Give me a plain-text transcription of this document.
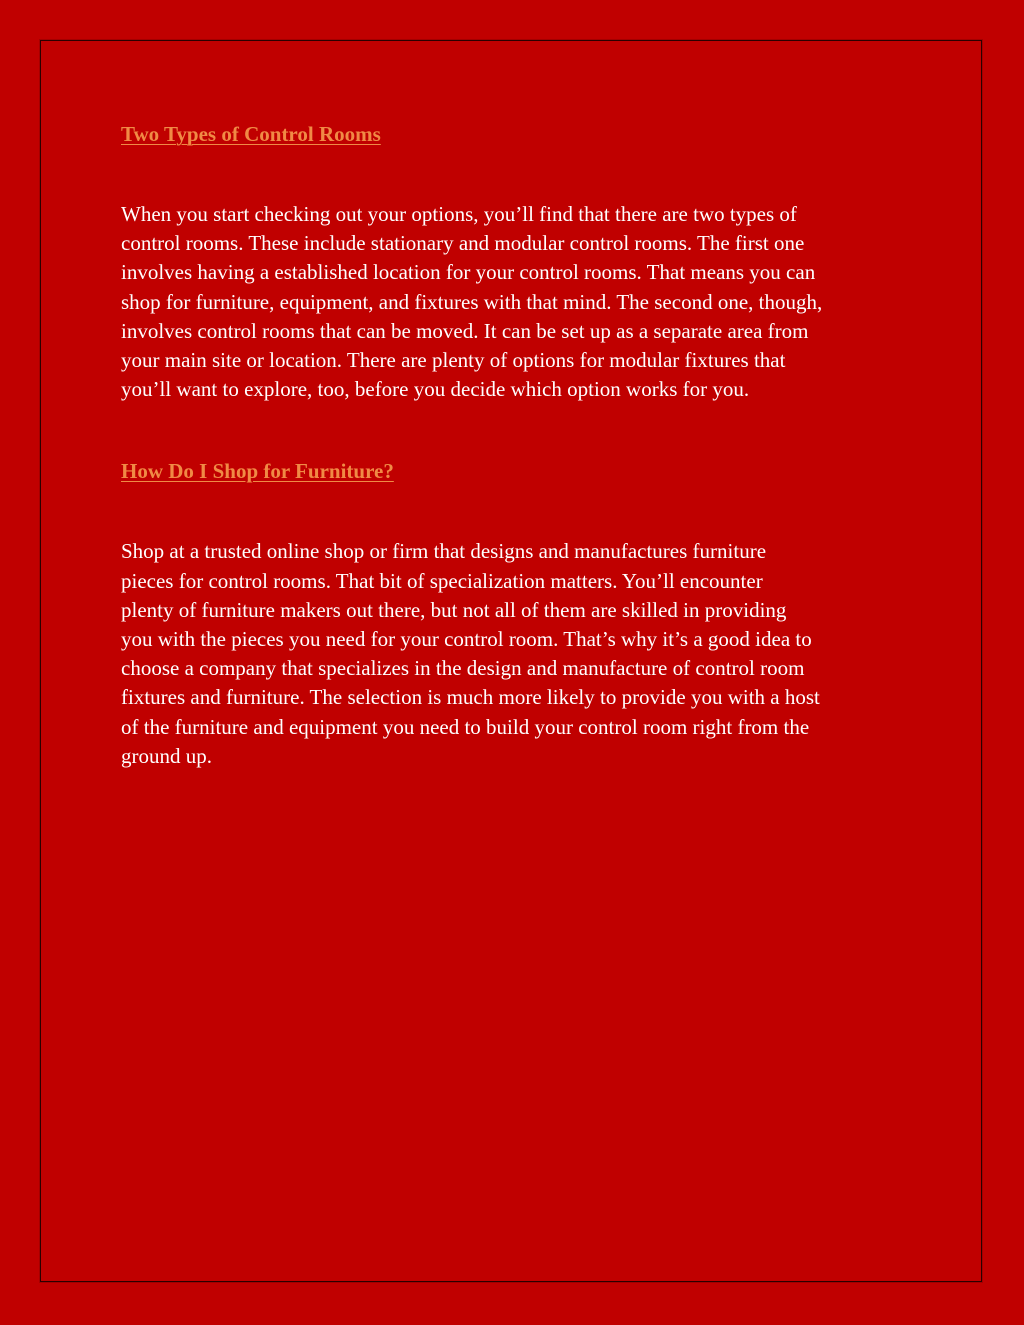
Two Types of Control Rooms
When you start checking out your options, you’ll find that there are two types of
control rooms. These include stationary and modular control rooms. The first one
involves having a established location for your control rooms. That means you can
shop for furniture, equipment, and fixtures with that mind. The second one, though,
involves control rooms that can be moved. It can be set up as a separate area from
your main site or location. There are plenty of options for modular fixtures that
you’ll want to explore, too, before you decide which option works for you.
How Do I Shop for Furniture?
Shop at a trusted online shop or firm that designs and manufactures furniture
pieces for control rooms. That bit of specialization matters. You’ll encounter
plenty of furniture makers out there, but not all of them are skilled in providing
you with the pieces you need for your control room. That’s why it’s a good idea to
choose a company that specializes in the design and manufacture of control room
fixtures and furniture. The selection is much more likely to provide you with a host
of the furniture and equipment you need to build your control room right from the
ground up.
